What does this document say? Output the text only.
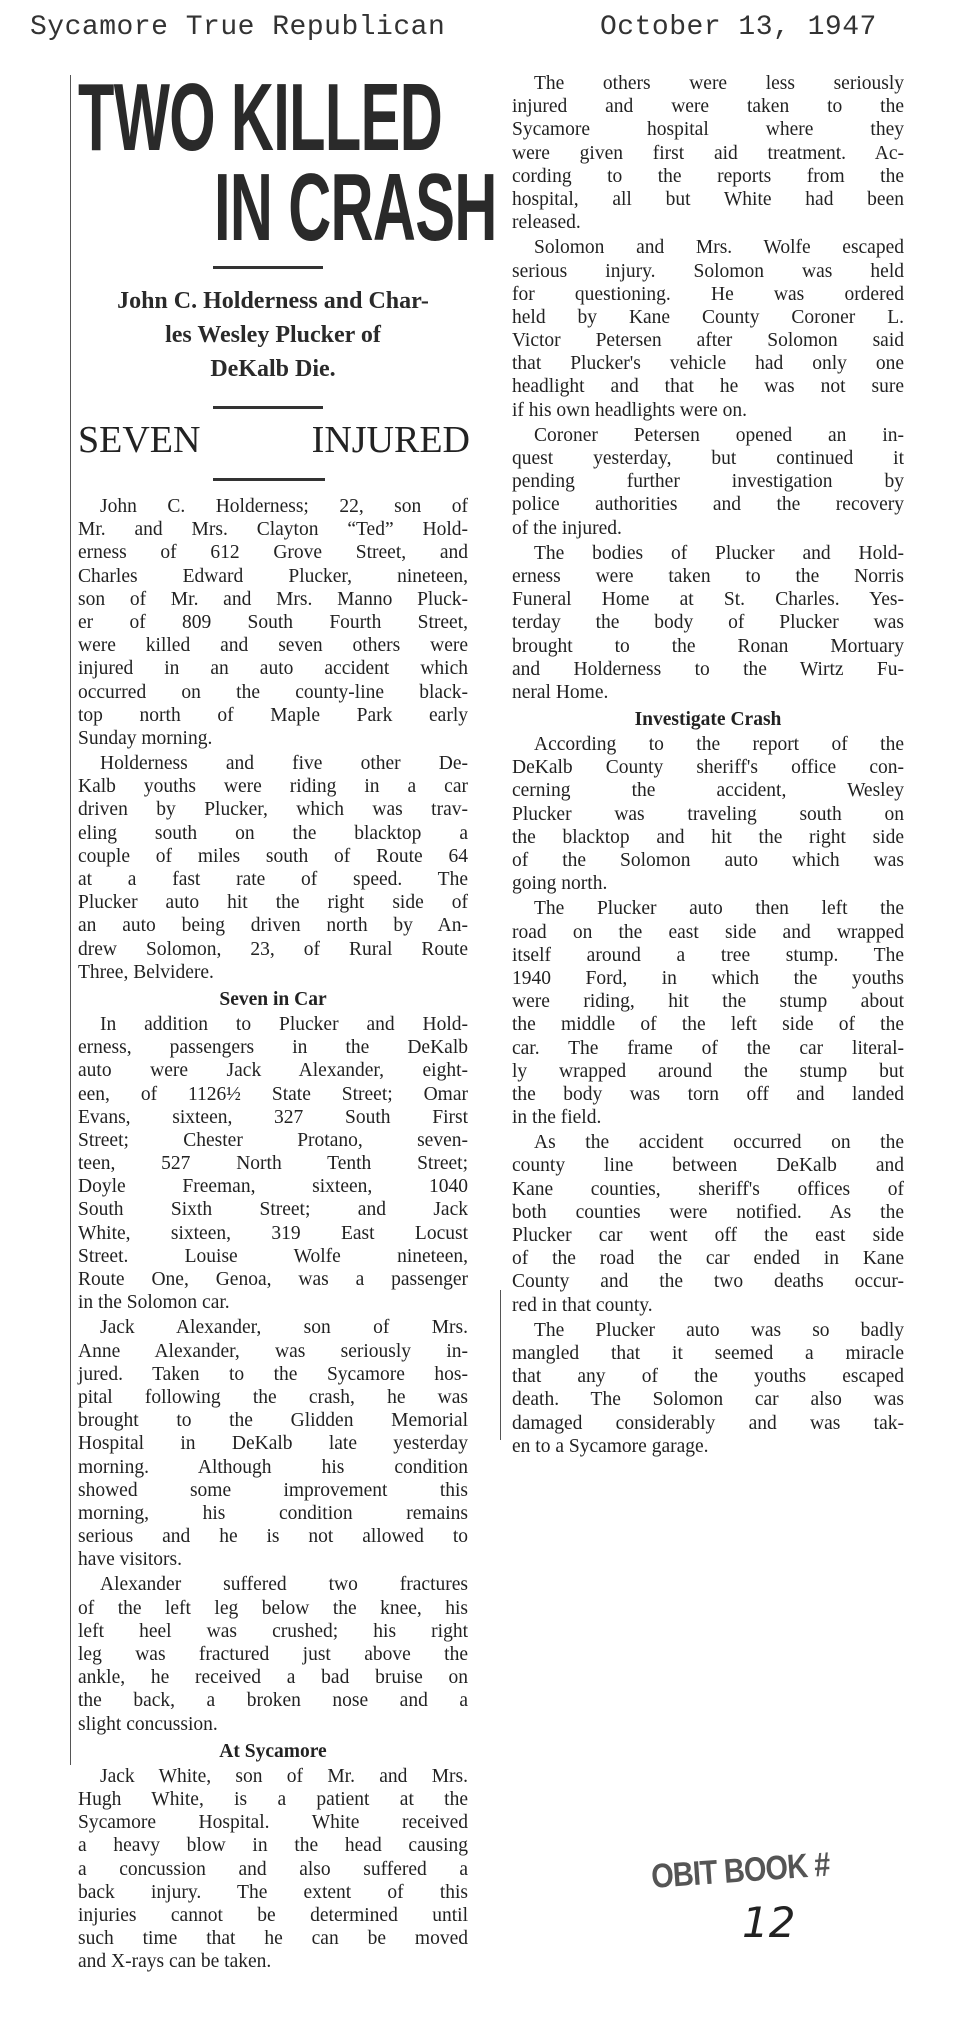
Sycamore True Republican	October 13, 1947
TWO KILLED
IN CRASH
John C. Holderness and Char-
les Wesley Plucker of
DeKalb Die.
SEVEN	INJURED
John C. Holderness; 22, son of
Mr. and Mrs. Clayton “Ted” Hold-
erness of 612 Grove Street, and
Charles Edward Plucker, nineteen,
son of Mr. and Mrs. Manno Pluck-
er of 809 South Fourth Street,
were killed and seven others were
injured in an auto accident which
occurred on the county-line black-
top north of Maple Park early
Sunday morning.
Holderness and five other De-
Kalb youths were riding in a car
driven by Plucker, which was trav-
eling south on the blacktop a
couple of miles south of Route 64
at a fast rate of speed. The
Plucker auto hit the right side of
an auto being driven north by An-
drew Solomon, 23, of Rural Route
Three, Belvidere.
Seven in Car
In addition to Plucker and Hold-
erness, passengers in the DeKalb
auto were Jack Alexander, eight-
een, of 1126½ State Street; Omar
Evans, sixteen, 327 South First
Street; Chester Protano, seven-
teen, 527 North Tenth Street;
Doyle Freeman, sixteen, 1040
South Sixth Street; and Jack
White, sixteen, 319 East Locust
Street. Louise Wolfe nineteen,
Route One, Genoa, was a passenger
in the Solomon car.
Jack Alexander, son of Mrs.
Anne Alexander, was seriously in-
jured. Taken to the Sycamore hos-
pital following the crash, he was
brought to the Glidden Memorial
Hospital in DeKalb late yesterday
morning. Although his condition
showed some improvement this
morning, his condition remains
serious and he is not allowed to
have visitors.
Alexander suffered two fractures
of the left leg below the knee, his
left heel was crushed; his right
leg was fractured just above the
ankle, he received a bad bruise on
the back, a broken nose and a
slight concussion.
At Sycamore
Jack White, son of Mr. and Mrs.
Hugh White, is a patient at the
Sycamore Hospital. White received
a heavy blow in the head causing
a concussion and also suffered a
back injury. The extent of this
injuries cannot be determined until
such time that he can be moved
and X-rays can be taken.
The others were less seriously
injured and were taken to the
Sycamore hospital where they
were given first aid treatment. Ac-
cording to the reports from the
hospital, all but White had been
released.
Solomon and Mrs. Wolfe escaped
serious injury. Solomon was held
for questioning. He was ordered
held by Kane County Coroner L.
Victor Petersen after Solomon said
that Plucker's vehicle had only one
headlight and that he was not sure
if his own headlights were on.
Coroner Petersen opened an in-
quest yesterday, but continued it
pending further investigation by
police authorities and the recovery
of the injured.
The bodies of Plucker and Hold-
erness were taken to the Norris
Funeral Home at St. Charles. Yes-
terday the body of Plucker was
brought to the Ronan Mortuary
and Holderness to the Wirtz Fu-
neral Home.
Investigate Crash
According to the report of the
DeKalb County sheriff's office con-
cerning the accident, Wesley
Plucker was traveling south on
the blacktop and hit the right side
of the Solomon auto which was
going north.
The Plucker auto then left the
road on the east side and wrapped
itself around a tree stump. The
1940 Ford, in which the youths
were riding, hit the stump about
the middle of the left side of the
car. The frame of the car literal-
ly wrapped around the stump but
the body was torn off and landed
in the field.
As the accident occurred on the
county line between DeKalb and
Kane counties, sheriff's offices of
both counties were notified. As the
Plucker car went off the east side
of the road the car ended in Kane
County and the two deaths occur-
red in that county.
The Plucker auto was so badly
mangled that it seemed a miracle
that any of the youths escaped
death. The Solomon car also was
damaged considerably and was tak-
en to a Sycamore garage.
OBIT BOOK #
12
